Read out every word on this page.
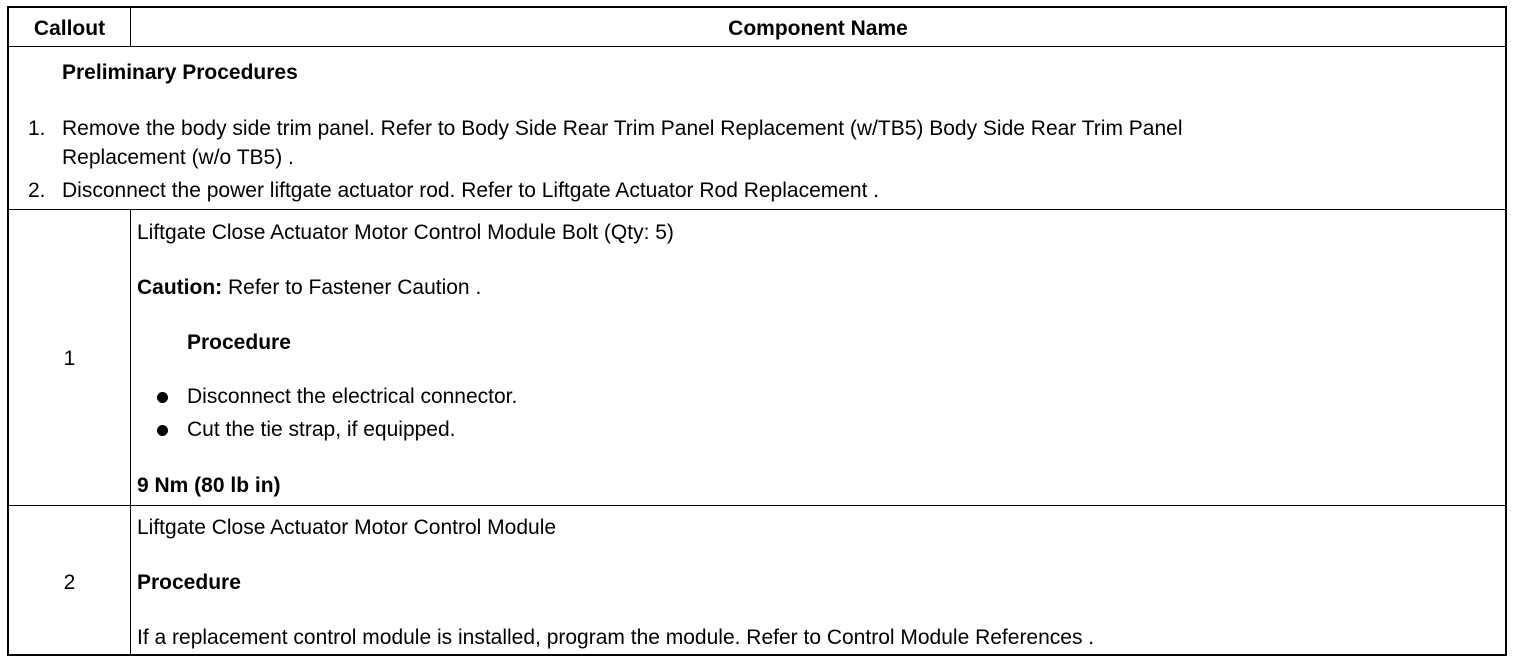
Callout	Component Name
Preliminary Procedures
1. Remove the body side trim panel. Refer to Body Side Rear Trim Panel Replacement (w/TB5) Body Side Rear Trim Panel
Replacement (w/o TB5) .
2. Disconnect the power liftgate actuator rod. Refer to Liftgate Actuator Rod Replacement .
1
Liftgate Close Actuator Motor Control Module Bolt (Qty: 5)
Caution: Refer to Fastener Caution .
Procedure
Disconnect the electrical connector.
Cut the tie strap, if equipped.
9 Nm (80 lb in)
2
Liftgate Close Actuator Motor Control Module
Procedure
If a replacement control module is installed, program the module. Refer to Control Module References .
